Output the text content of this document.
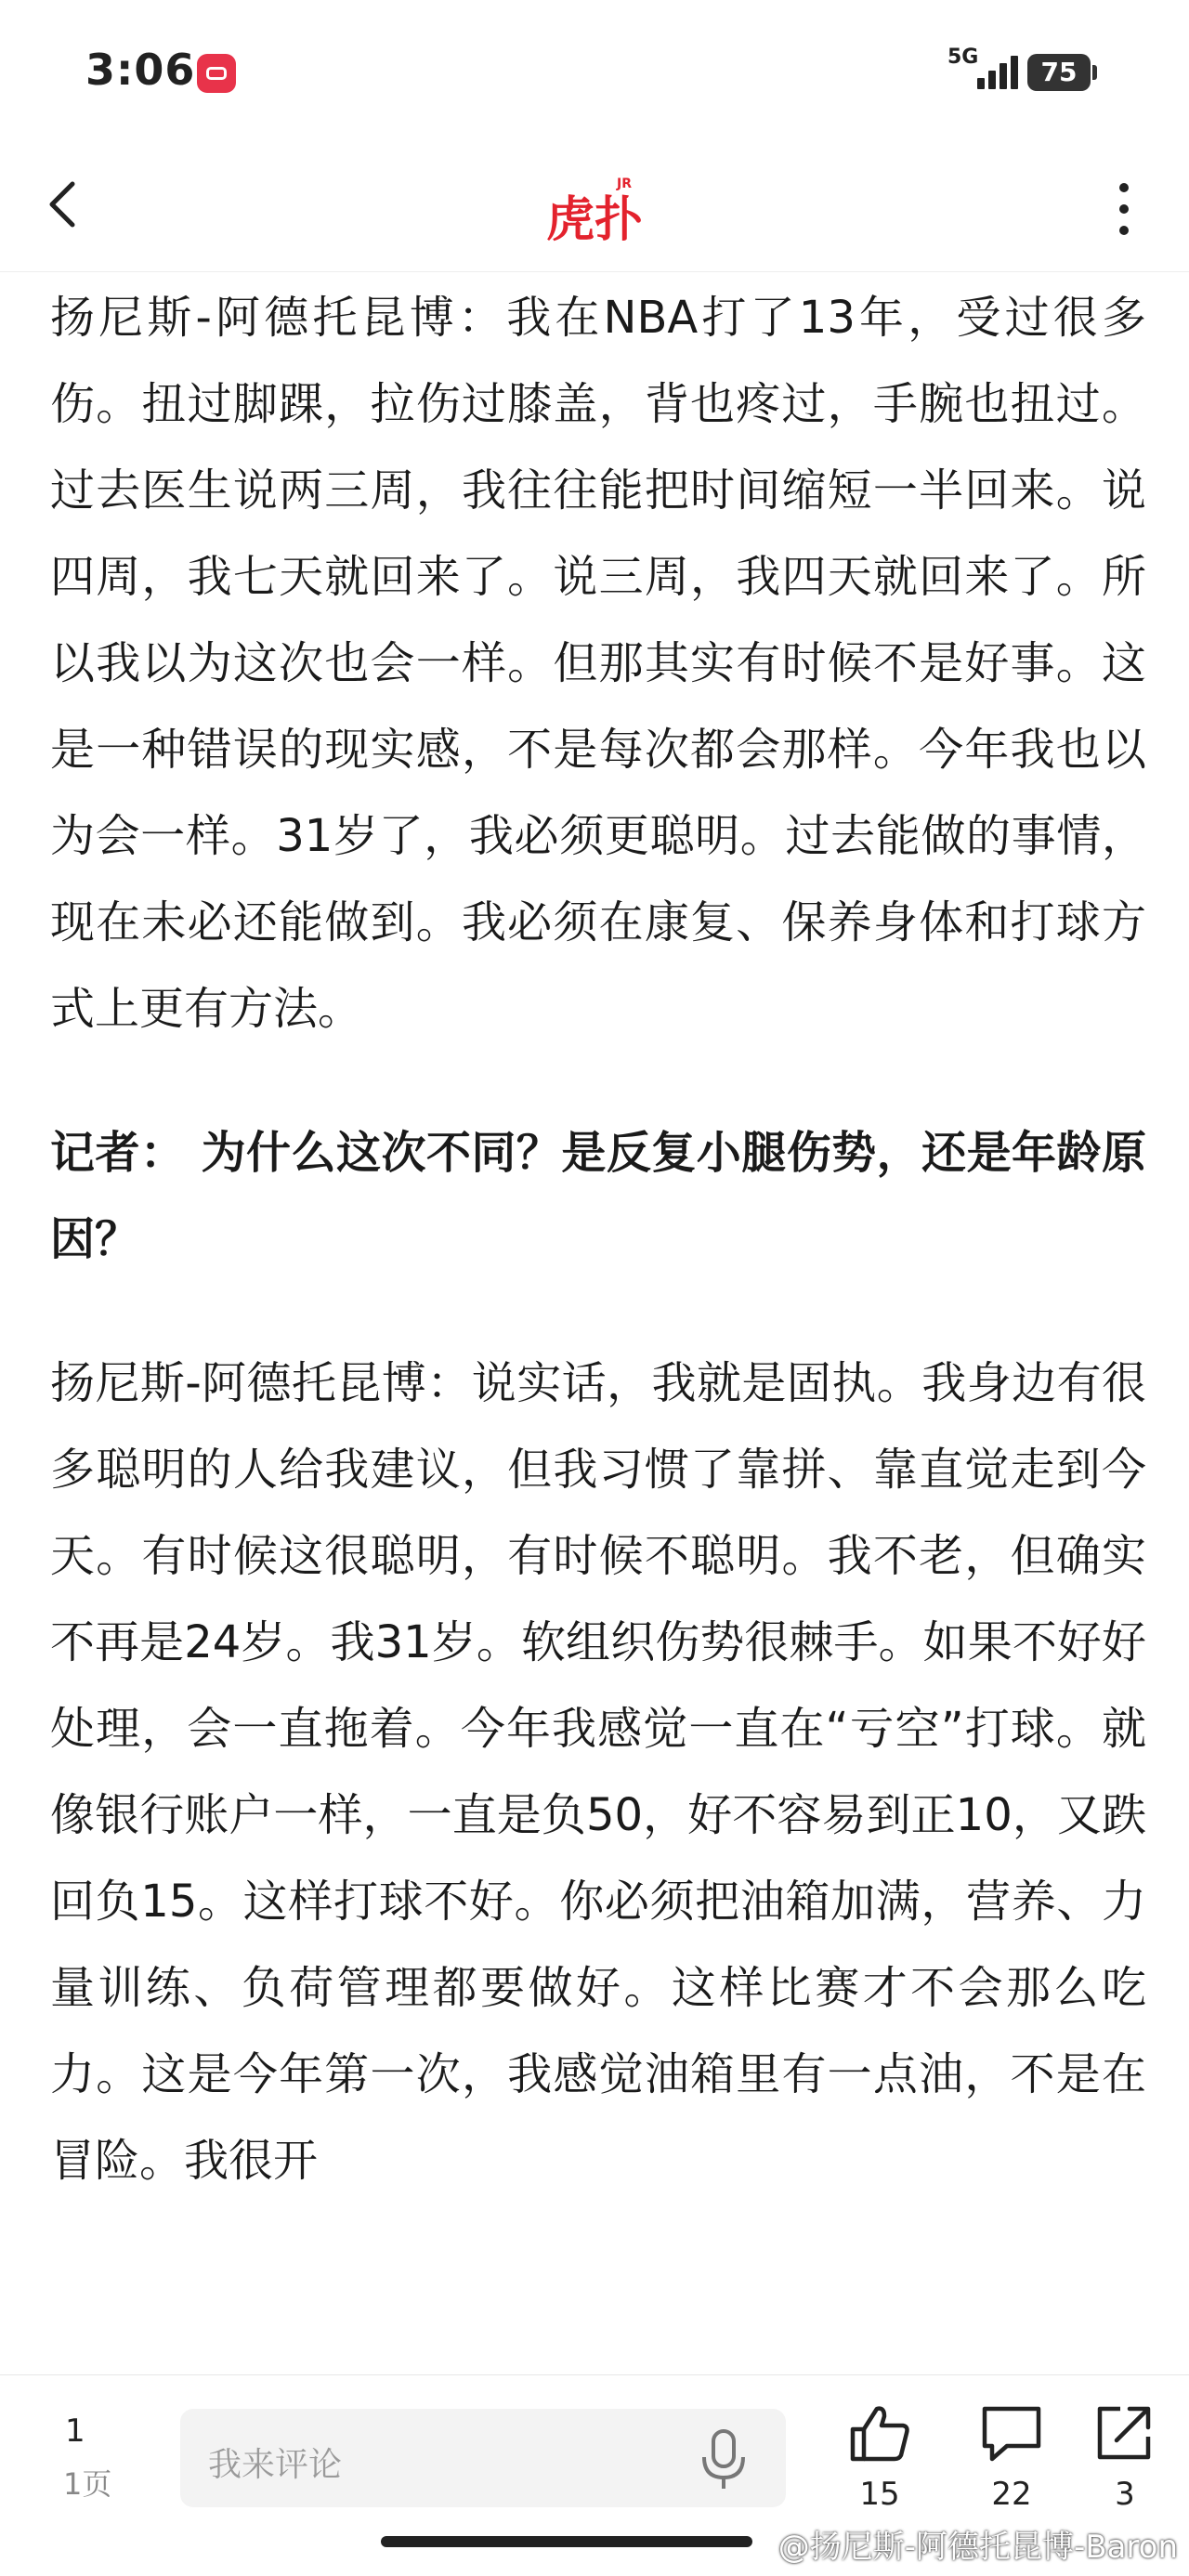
3:06	5G	75
JR
虎扑

扬尼斯-阿德托昆博：我在NBA打了13年，受过很多伤。扭过脚踝，拉伤过膝盖，背也疼过，手腕也扭过。过去医生说两三周，我往往能把时间缩短一半回来。说四周，我七天就回来了。说三周，我四天就回来了。所以我以为这次也会一样。但那其实有时候不是好事。这是一种错误的现实感，不是每次都会那样。今年我也以为会一样。31岁了，我必须更聪明。过去能做的事情，现在未必还能做到。我必须在康复、保养身体和打球方式上更有方法。

记者： 为什么这次不同？是反复小腿伤势，还是年龄原因？

扬尼斯-阿德托昆博：说实话，我就是固执。我身边有很多聪明的人给我建议，但我习惯了靠拼、靠直觉走到今天。有时候这很聪明，有时候不聪明。我不老，但确实不再是24岁。我31岁。软组织伤势很棘手。如果不好好处理，会一直拖着。今年我感觉一直在“亏空”打球。就像银行账户一样，一直是负50，好不容易到正10，又跌回负15。这样打球不好。你必须把油箱加满，营养、力量训练、负荷管理都要做好。这样比赛才不会那么吃力。这是今年第一次，我感觉油箱里有一点油，不是在冒险。我很开

1
1页	我来评论
15	22	3
@扬尼斯-阿德托昆博-Baron
